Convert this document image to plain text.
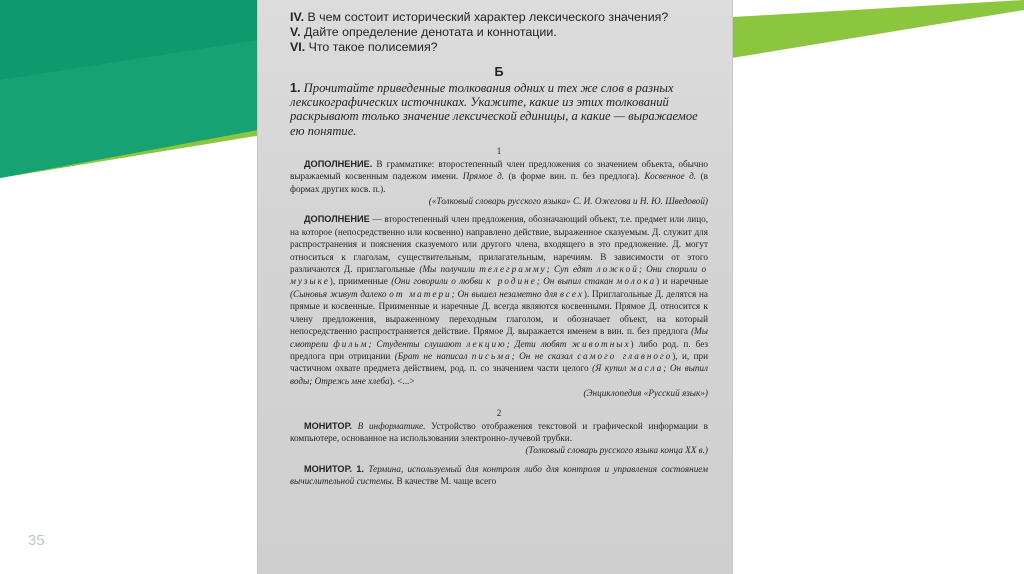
35

IV. В чем состоит исторический характер лексического значения?

V. Дайте определение денотата и коннотации.

VI. Что такое полисемия?

Б

1. Прочитайте приведенные толкования одних и тех же слов в разных лексикографических источниках. Укажите, какие из этих толкований раскрывают только значение лексической единицы, а какие — выражаемое ею понятие.

1

ДОПОЛНЕНИЕ. В грамматике: второстепенный член предложения со значением объекта, обычно выражаемый косвенным падежом имени. Прямое д. (в форме вин. п. без предлога). Косвенное д. (в формах других косв. п.).

(«Толковый словарь русского языка» С. И. Ожегова и Н. Ю. Шведовой)

ДОПОЛНЕНИЕ — второстепенный член предложения, обозначающий объект, т.е. предмет или лицо, на которое (непосредственно или косвенно) направлено действие, выраженное сказуемым. Д. служит для распространения и пояснения сказуемого или другого члена, входящего в это предложение. Д. могут относиться к глаголам, существительным, прилагательным, наречиям. В зависимости от этого различаются Д. приглагольные (Мы получили телеграмму; Суп едят ложкой; Они спорили о музыке), приименные (Они говорили о любви к родине; Он выпил стакан молока) и наречные (Сыновья живут далеко от матери; Он вышел незаметно для всех). Приглагольные Д. делятся на прямые и косвенные. Приименные и наречные Д. всегда являются косвенными. Прямое Д. относится к члену предложения, выраженному переходным глаголом, и обозначает объект, на который непосредственно распространяется действие. Прямое Д. выражается именем в вин. п. без предлога (Мы смотрели фильм; Студенты слушают лекцию; Дети любят животных) либо род. п. без предлога при отрицании (Брат не написал письма; Он не сказал самого главного), и, при частичном охвате предмета действием, род. п. со значением части целого (Я купил масла; Он выпил воды; Отрежь мне хлеба). <...>

(Энциклопедия «Русский язык»)

2

МОНИТОР. В информатике. Устройство отображения текстовой и графической информации в компьютере, основанное на использовании электронно-лучевой трубки.

(Толковый словарь русского языка конца XX в.)

МОНИТОР. 1. Термина, используемый для контроля либо для контроля и управления состоянием вычислительной системы. В качестве М. чаще всего
